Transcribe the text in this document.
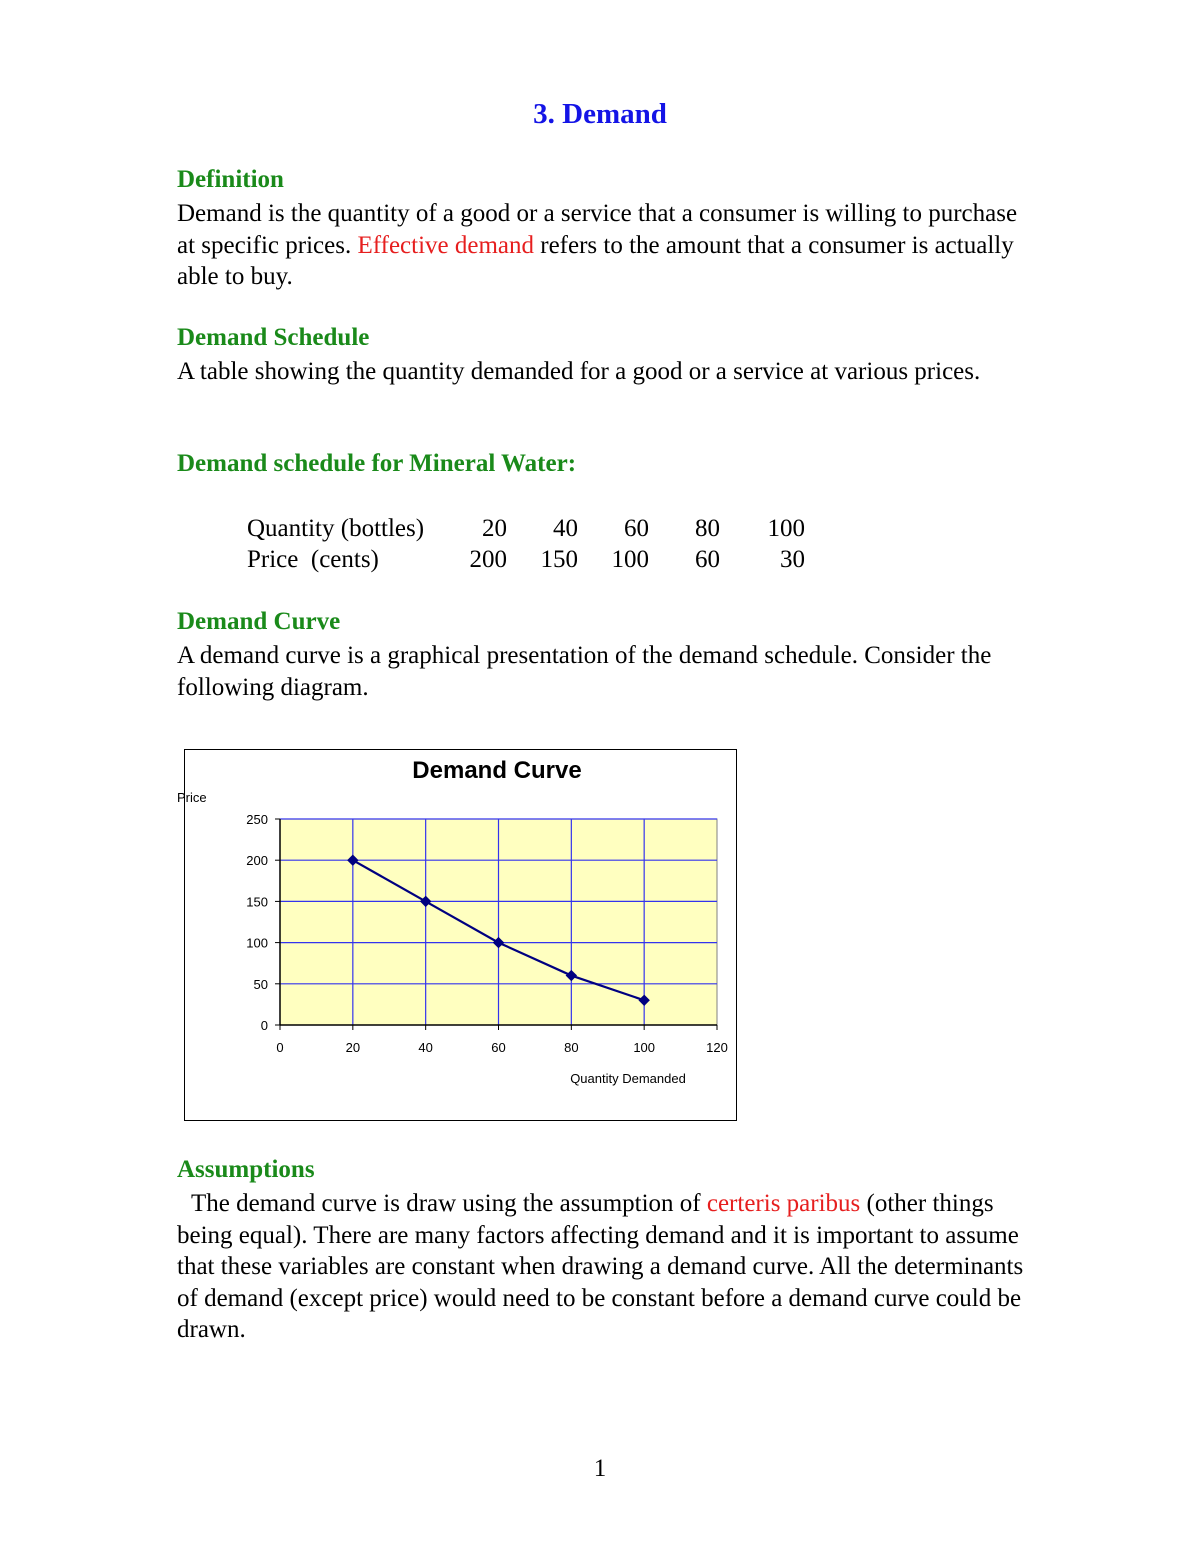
3. Demand
Definition

Demand is the quantity of a good or a service that a consumer is willing to purchase at specific prices. Effective demand refers to the amount that a consumer is actually able to buy.

Demand Schedule

A table showing the quantity demanded for a good or a service at various prices.

Demand schedule for Mineral Water:
Quantity (bottles)	20	40	60	80	100
Price  (cents)	200	150	100	60	30
Demand Curve

A demand curve is a graphical presentation of the demand schedule. Consider the following diagram.

Demand Curve
Price
Quantity Demanded
0
50
100
150
200
250
0	20	40	60	80	100	120
Assumptions

The demand curve is draw using the assumption of certeris paribus (other things being equal). There are many factors affecting demand and it is important to assume that these variables are constant when drawing a demand curve. All the determinants of demand (except price) would need to be constant before a demand curve could be drawn.

1
